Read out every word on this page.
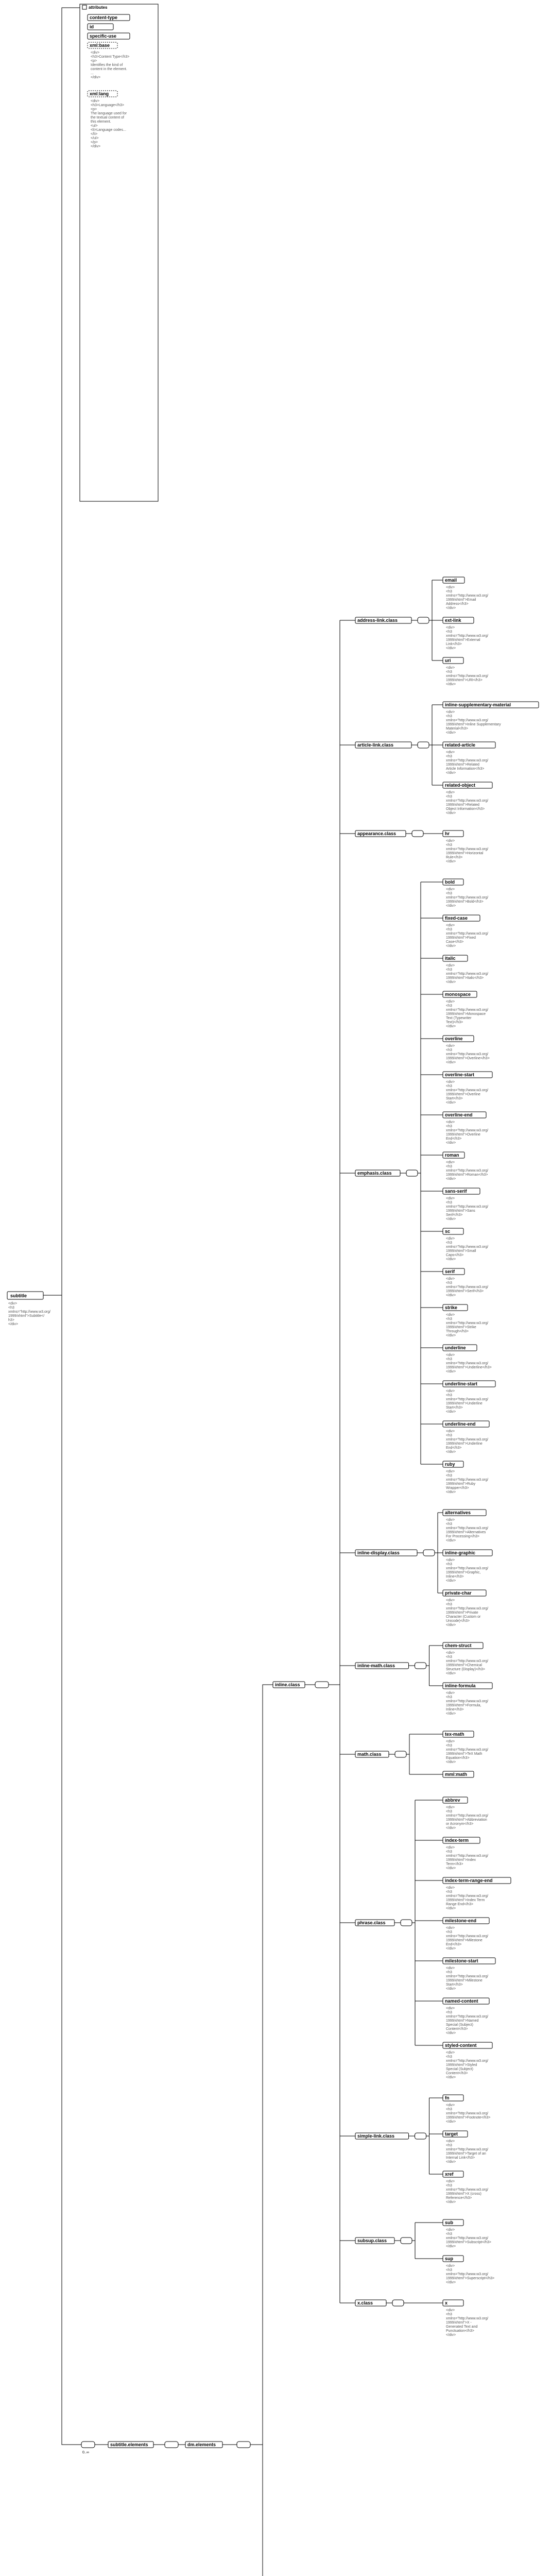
attributes
content-type
id
specific-use
xml:base
<div>
<h3>Content Type</h3>
<p>
Identifies the kind of
content in the element.
...
</div>
xml:lang
<div>
<h3>Language</h3>
<p>
The language used for
the textual content of
this element.
<ul>
<li>Language codes...
</li>
</ul>
</p>
</div>
subtitle
<div>
<h3
xmlns="http://www.w3.org/
1999/xhtml">Subtitle</
h3>
</div>
0..∞
subtitle.elements	dm.elements
inline.class
email
<div>
<h3
xmlns="http://www.w3.org/
1999/xhtml">Email
Address</h3>
</div>
ext-link
<div>
<h3
xmlns="http://www.w3.org/
1999/xhtml">External
Link</h3>
</div>
uri
<div>
<h3
xmlns="http://www.w3.org/
1999/xhtml">URI</h3>
</div>
address-link.class
inline-supplementary-material
<div>
<h3
xmlns="http://www.w3.org/
1999/xhtml">Inline Supplementary
Material</h3>
</div>
related-article
<div>
<h3
xmlns="http://www.w3.org/
1999/xhtml">Related
Article Information</h3>
</div>
related-object
<div>
<h3
xmlns="http://www.w3.org/
1999/xhtml">Related
Object Information</h3>
</div>
article-link.class
hr
<div>
<h3
xmlns="http://www.w3.org/
1999/xhtml">Horizontal
Rule</h3>
</div>
appearance.class
bold
<div>
<h3
xmlns="http://www.w3.org/
1999/xhtml">Bold</h3>
</div>
fixed-case
<div>
<h3
xmlns="http://www.w3.org/
1999/xhtml">Fixed
Case</h3>
</div>
italic
<div>
<h3
xmlns="http://www.w3.org/
1999/xhtml">Italic</h3>
</div>
monospace
<div>
<h3
xmlns="http://www.w3.org/
1999/xhtml">Monospace
Text (Typewriter
Text)</h3>
</div>
overline
<div>
<h3
xmlns="http://www.w3.org/
1999/xhtml">Overline</h3>
</div>
overline-start
<div>
<h3
xmlns="http://www.w3.org/
1999/xhtml">Overline
Start</h3>
</div>
overline-end
<div>
<h3
xmlns="http://www.w3.org/
1999/xhtml">Overline
End</h3>
</div>
roman
<div>
<h3
xmlns="http://www.w3.org/
1999/xhtml">Roman</h3>
</div>
sans-serif
<div>
<h3
xmlns="http://www.w3.org/
1999/xhtml">Sans
Serif</h3>
</div>
sc
<div>
<h3
xmlns="http://www.w3.org/
1999/xhtml">Small
Caps</h3>
</div>
serif
<div>
<h3
xmlns="http://www.w3.org/
1999/xhtml">Serif</h3>
</div>
strike
<div>
<h3
xmlns="http://www.w3.org/
1999/xhtml">Strike
Through</h3>
</div>
underline
<div>
<h3
xmlns="http://www.w3.org/
1999/xhtml">Underline</h3>
</div>
underline-start
<div>
<h3
xmlns="http://www.w3.org/
1999/xhtml">Underline
Start</h3>
</div>
underline-end
<div>
<h3
xmlns="http://www.w3.org/
1999/xhtml">Underline
End</h3>
</div>
ruby
<div>
<h3
xmlns="http://www.w3.org/
1999/xhtml">Ruby
Wrapper</h3>
</div>
emphasis.class
alternatives
<div>
<h3
xmlns="http://www.w3.org/
1999/xhtml">Alternatives
For Processing</h3>
</div>
inline-graphic
<div>
<h3
xmlns="http://www.w3.org/
1999/xhtml">Graphic,
Inline</h3>
</div>
private-char
<div>
<h3
xmlns="http://www.w3.org/
1999/xhtml">Private
Character (Custom or
Unicode)</h3>
</div>
inline-display.class
chem-struct
<div>
<h3
xmlns="http://www.w3.org/
1999/xhtml">Chemical
Structure (Display)</h3>
</div>
inline-formula
<div>
<h3
xmlns="http://www.w3.org/
1999/xhtml">Formula,
Inline</h3>
</div>
inline-math.class
tex-math
<div>
<h3
xmlns="http://www.w3.org/
1999/xhtml">TeX Math
Equation</h3>
</div>
mml:math
math.class
abbrev
<div>
<h3
xmlns="http://www.w3.org/
1999/xhtml">Abbreviation
or Acronym</h3>
</div>
index-term
<div>
<h3
xmlns="http://www.w3.org/
1999/xhtml">Index
Term</h3>
</div>
index-term-range-end
<div>
<h3
xmlns="http://www.w3.org/
1999/xhtml">Index Term
Range End</h3>
</div>
milestone-end
<div>
<h3
xmlns="http://www.w3.org/
1999/xhtml">Milestone
End</h3>
</div>
milestone-start
<div>
<h3
xmlns="http://www.w3.org/
1999/xhtml">Milestone
Start</h3>
</div>
named-content
<div>
<h3
xmlns="http://www.w3.org/
1999/xhtml">Named
Special (Subject)
Content</h3>
</div>
styled-content
<div>
<h3
xmlns="http://www.w3.org/
1999/xhtml">Styled
Special (Subject)
Content</h3>
</div>
phrase.class
fn
<div>
<h3
xmlns="http://www.w3.org/
1999/xhtml">Footnote</h3>
</div>
target
<div>
<h3
xmlns="http://www.w3.org/
1999/xhtml">Target of an
Internal Link</h3>
</div>
xref
<div>
<h3
xmlns="http://www.w3.org/
1999/xhtml">X (cross)
Reference</h3>
</div>
simple-link.class
sub
<div>
<h3
xmlns="http://www.w3.org/
1999/xhtml">Subscript</h3>
</div>
sup
<div>
<h3
xmlns="http://www.w3.org/
1999/xhtml">Superscript</h3>
</div>
subsup.class
x
<div>
<h3
xmlns="http://www.w3.org/
1999/xhtml">X -
Generated Text and
Punctuation</h3>
</div>
x.class
